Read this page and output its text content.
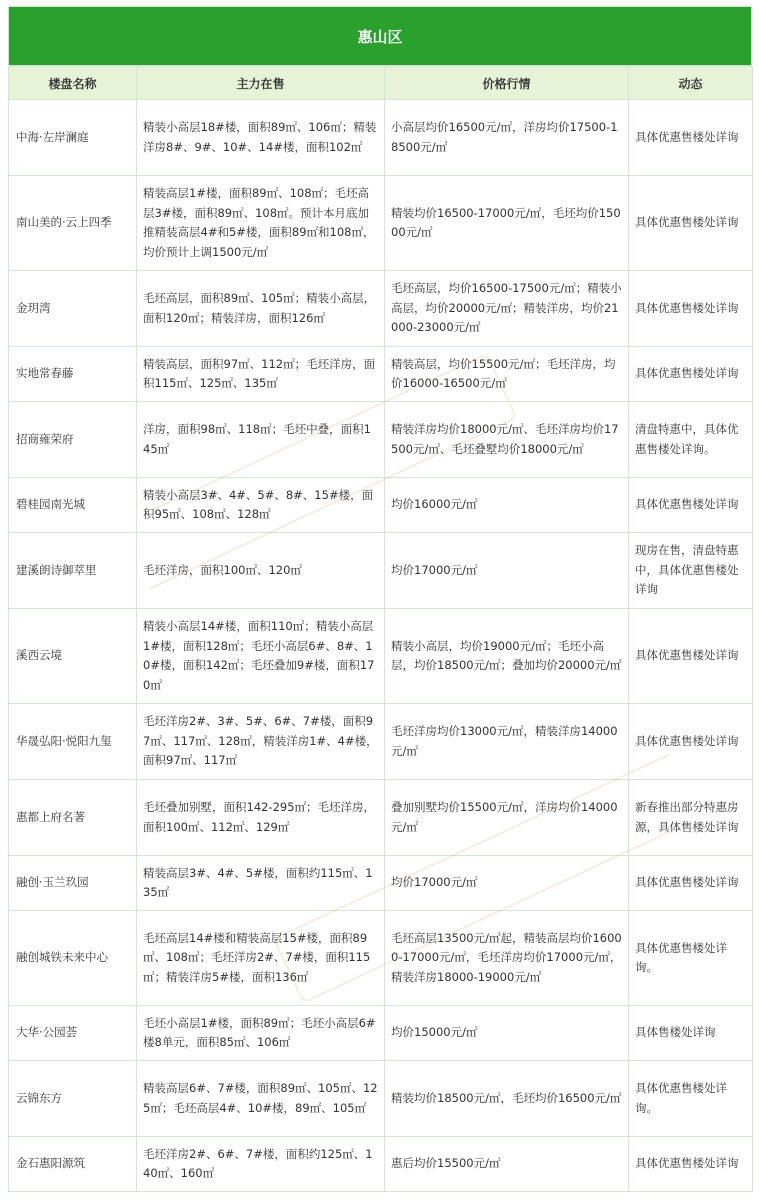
惠山区
楼盘名称	主力在售	价格行情	动态
中海·左岸澜庭	精装小高层18#楼，面积89㎡、106㎡；精装洋房8#、9#、10#、14#楼，面积102㎡	小高层均价16500元/㎡，洋房均价17500-18500元/㎡	具体优惠售楼处详询
南山美的·云上四季	精装高层1#楼，面积89㎡、108㎡；毛坯高层3#楼，面积89㎡、108㎡。预计本月底加推精装高层4#和5#楼，面积89㎡和108㎡，均价预计上调1500元/㎡	精装均价16500-17000元/㎡，毛坯均价15000元/㎡	具体优惠售楼处详询
金玥湾	毛坯高层，面积89㎡、105㎡；精装小高层，面积120㎡；精装洋房，面积126㎡	毛坯高层，均价16500-17500元/㎡；精装小高层，均价20000元/㎡；精装洋房，均价21000-23000元/㎡	具体优惠售楼处详询
实地常春藤	精装高层，面积97㎡、112㎡；毛坯洋房，面积115㎡、125㎡、135㎡	精装高层，均价15500元/㎡；毛坯洋房，均价16000-16500元/㎡	具体优惠售楼处详询
招商雍荣府	洋房，面积98㎡、118㎡；毛坯中叠，面积145㎡	精装洋房均价18000元/㎡、毛坯洋房均价17500元/㎡、毛坯叠墅均价18000元/㎡	清盘特惠中，具体优惠售楼处详询。
碧桂园南光城	精装小高层3#、4#、5#、8#、15#楼，面积95㎡、108㎡、128㎡	均价16000元/㎡	具体优惠售楼处详询
建溪朗诗御萃里	毛坯洋房，面积100㎡、120㎡	均价17000元/㎡	现房在售，清盘特惠中，具体优惠售楼处详询
溪西云境	精装小高层14#楼，面积110㎡；精装小高层1#楼，面积128㎡；毛坯小高层6#、8#、10#楼，面积142㎡；毛坯叠加9#楼，面积170㎡	精装小高层，均价19000元/㎡；毛坯小高层，均价18500元/㎡；叠加均价20000元/㎡	具体优惠售楼处详询
华晟弘阳·悦阳九玺	毛坯洋房2#、3#、5#、6#、7#楼，面积97㎡、117㎡、128㎡，精装洋房1#、4#楼，面积97㎡、117㎡	毛坯洋房均价13000元/㎡，精装洋房14000元/㎡	具体优惠售楼处详询
惠都上府名著	毛坯叠加别墅，面积142-295㎡；毛坯洋房，面积100㎡、112㎡、129㎡	叠加别墅均价15500元/㎡，洋房均价14000元/㎡	新春推出部分特惠房源，具体售楼处详询
融创·玉兰玖园	精装高层3#、4#、5#楼，面积约115㎡、135㎡	均价17000元/㎡	具体优惠售楼处详询
融创城铁未来中心	毛坯高层14#楼和精装高层15#楼，面积89㎡、108㎡；毛坯洋房2#、7#楼，面积115㎡；精装洋房5#楼，面积136㎡	毛坯高层13500元/㎡起，精装高层均价16000-17000元/㎡，毛坯洋房均价17000元/㎡，精装洋房18000-19000元/㎡	具体优惠售楼处详询。
大华·公园荟	毛坯小高层1#楼，面积89㎡；毛坯小高层6#楼8单元，面积85㎡、106㎡	均价15000元/㎡	具体售楼处详询
云锦东方	精装高层6#、7#楼，面积89㎡、105㎡、125㎡；毛坯高层4#、10#楼，89㎡、105㎡	精装均价18500元/㎡，毛坯均价16500元/㎡	具体优惠售楼处详询。
金石惠阳源筑	毛坯洋房2#、6#、7#楼，面积约125㎡、140㎡、160㎡	惠后均价15500元/㎡	具体优惠售楼处详询
